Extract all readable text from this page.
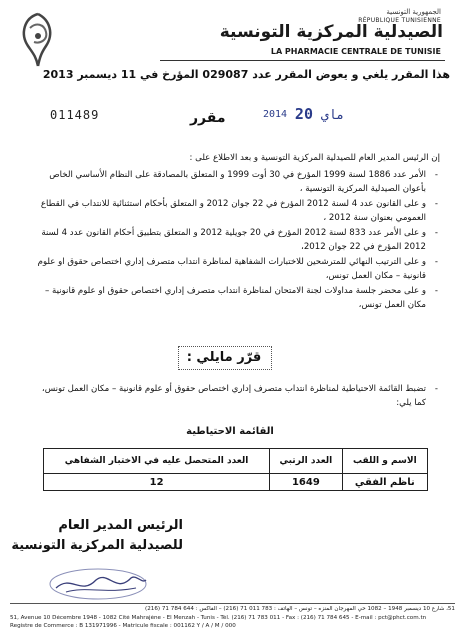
الجمهورية التونسية
RÉPUBLIQUE TUNISIENNE
الصيدلية المركزية التونسية
LA PHARMACIE CENTRALE DE TUNISIE
هذا المقرر يلغي و يعوض المقرر عدد 029087 المؤرخ في 11 ديسمبر 2013
011489	مقرر	2014	ماي 20
إن الرئيس المدير العام للصيدلية المركزية التونسية و بعد الاطلاع على :
- الأمر عدد 1886 لسنة 1999 المؤرخ في 30 أوت 1999 و المتعلق بالمصادقة على النظام الأساسي الخاص بأعوان الصيدلية المركزية التونسية ،
- و على القانون عدد 4 لسنة 2012 المؤرخ في 22 جوان 2012 و المتعلق بأحكام استثنائية للانتداب في القطاع العمومي بعنوان سنة 2012 ،
- و على الأمر عدد 833 لسنة 2012 المؤرخ في 20 جويلية 2012 و المتعلق بتطبيق أحكام القانون عدد 4 لسنة 2012 المؤرخ في 22 جوان 2012،
- و على الترتيب النهائي للمترشحين للاختبارات الشفاهية لمناظرة انتداب متصرف إداري اختصاص حقوق او علوم قانونية – مكان العمل تونس،
- و على محضر جلسة مداولات لجنة الامتحان لمناظرة انتداب متصرف إداري اختصاص حقوق او علوم قانونية – مكان العمل تونس،
قرّر مايلي :
- تضبط القائمة الاحتياطية لمناظرة انتداب متصرف إداري اختصاص حقوق أو علوم قانونية – مكان العمل تونس، كما يلي:
القائمة الاحتياطية
الاسم و اللقب	العدد الرتبي	العدد المتحصل عليه في الاختبار الشفاهي
ناظم الفقي	1649	12
الرئيس المدير العام
للصيدلية المركزية التونسية
51، شارع 10 ديسمبر 1948 – 1082 حي المهرجان المنزه – تونس – الهاتف : 783 011 71 (216) – الفاكس : 644 784 71 (216)
51, Avenue 10 Décembre 1948 - 1082 Cité Mahrajène - El Menzah - Tunis - Tél. (216) 71 783 011 - Fax : (216) 71 784 645 - E-mail : pct@phct.com.tn
Registre de Commerce : B 131971996 - Matricule fiscale : 001162 Y / A / M / 000
